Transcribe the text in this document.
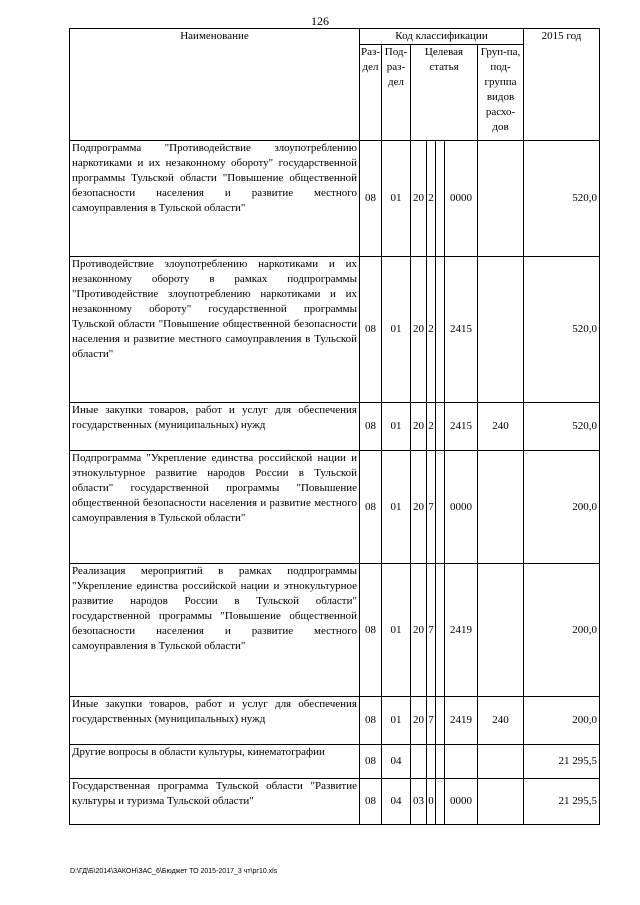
126
Наименование	Код классификации							2015 год
	Раз-дел	Под-раз-дел	Целевая статья				Груп-па, под-группа видов расхо-дов	
Подпрограмма "Противодействие злоупотреблению наркотиками и их незаконному обороту" государственной программы Тульской области "Повышение общественной безопасности населения и развитие местного самоуправления в Тульской области"	08	01	20	2		0000		520,0
Противодействие злоупотреблению наркотиками и их незаконному обороту в рамках подпрограммы "Противодействие злоупотреблению наркотиками и их незаконному обороту" государственной программы Тульской области "Повышение общественной безопасности населения и развитие местного самоуправления в Тульской области"	08	01	20	2		2415		520,0
Иные закупки товаров, работ и услуг для обеспечения государственных (муниципальных) нужд	08	01	20	2		2415	240	520,0
Подпрограмма "Укрепление единства российской нации и этнокультурное развитие народов России в Тульской области" государственной программы "Повышение общественной безопасности населения и развитие местного самоуправления в Тульской области"	08	01	20	7		0000		200,0
Реализация мероприятий в рамках подпрограммы "Укрепление единства российской нации и этнокультурное развитие народов России в Тульской области" государственной программы "Повышение общественной безопасности населения и развитие местного самоуправления в Тульской области"	08	01	20	7		2419		200,0
Иные закупки товаров, работ и услуг для обеспечения государственных (муниципальных) нужд	08	01	20	7		2419	240	200,0
Другие вопросы в области культуры, кинематографии	08	04						21 295,5
Государственная программа Тульской области "Развитие культуры и туризма Тульской области"	08	04	03	0		0000		21 295,5
D:\ГД\Б\2014\ЗАКОН\ЗАС_6\Бюджет ТО 2015-2017_3 чт\рг10.xls
